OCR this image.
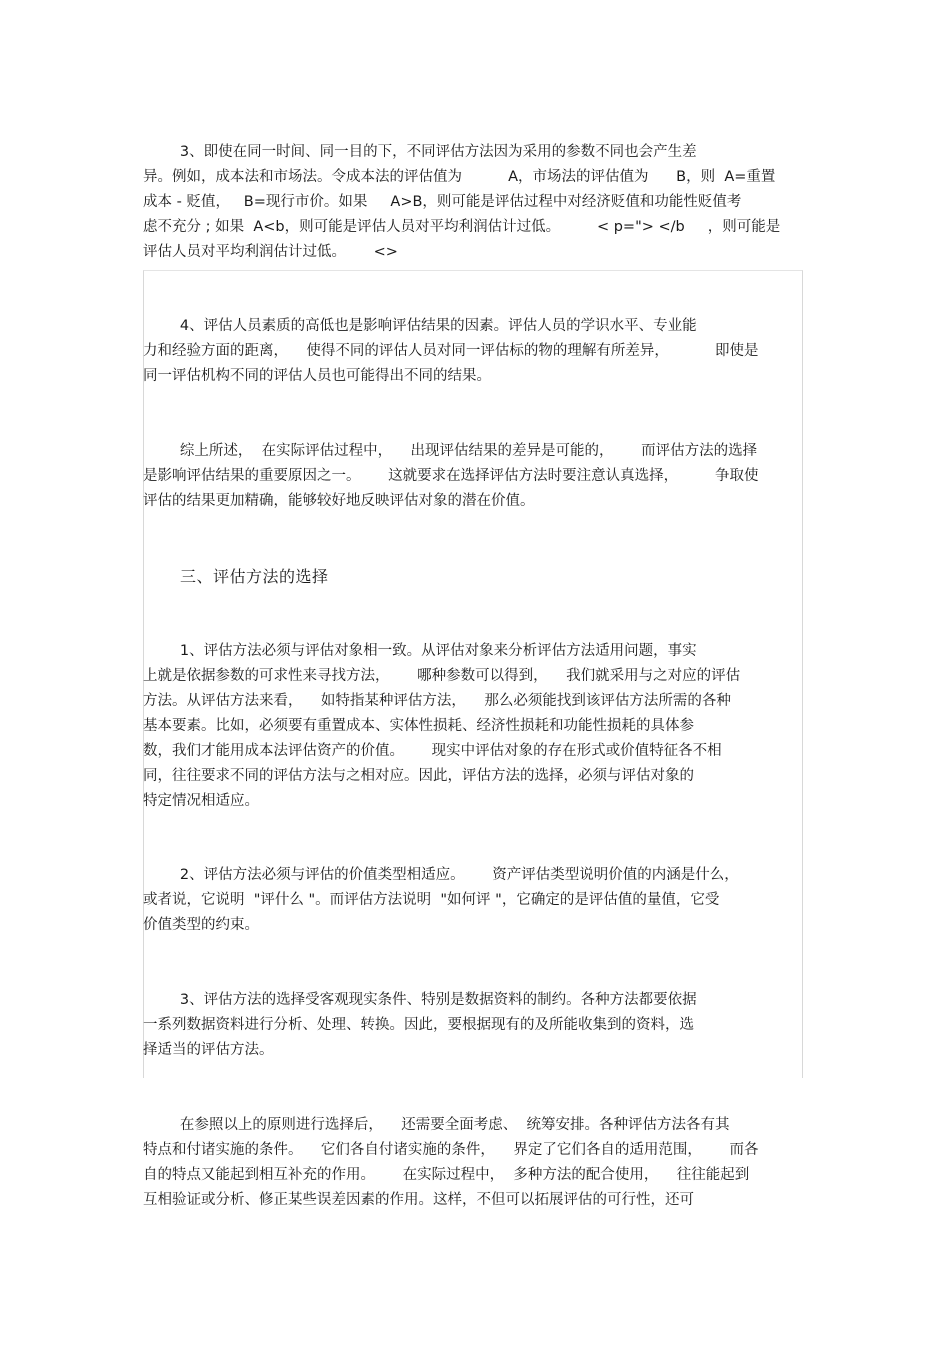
3、即使在同一时间、同一目的下，不同评估方法因为采用的参数不同也会产生差
异。例如，成本法和市场法。令成本法的评估值为          A，市场法的评估值为      B，则  A=重置
成本 - 贬值，   B=现行市价。如果     A>B，则可能是评估过程中对经济贬值和功能性贬值考
虑不充分 ; 如果  A<b，则可能是评估人员对平均利润估计过低。        < p="> </b     ，则可能是
评估人员对平均利润估计过低。      <>
4、评估人员素质的高低也是影响评估结果的因素。评估人员的学识水平、专业能
力和经验方面的距离，    使得不同的评估人员对同一评估标的物的理解有所差异，          即使是
同一评估机构不同的评估人员也可能得出不同的结果。
综上所述，  在实际评估过程中，    出现评估结果的差异是可能的，      而评估方法的选择
是影响评估结果的重要原因之一。      这就要求在选择评估方法时要注意认真选择，        争取使
评估的结果更加精确，能够较好地反映评估对象的潜在价值。
三、评估方法的选择
1、评估方法必须与评估对象相一致。从评估对象来分析评估方法适用问题，事实
上就是依据参数的可求性来寻找方法，      哪种参数可以得到，    我们就采用与之对应的评估
方法。从评估方法来看，    如特指某种评估方法，    那么必须能找到该评估方法所需的各种
基本要素。比如，必须要有重置成本、实体性损耗、经济性损耗和功能性损耗的具体参
数，我们才能用成本法评估资产的价值。      现实中评估对象的存在形式或价值特征各不相
同，往往要求不同的评估方法与之相对应。因此，评估方法的选择，必须与评估对象的
特定情况相适应。
2、评估方法必须与评估的价值类型相适应。      资产评估类型说明价值的内涵是什么，
或者说，它说明  "评什么 "。而评估方法说明  "如何评 "，它确定的是评估值的量值，它受
价值类型的约束。
3、评估方法的选择受客观现实条件、特别是数据资料的制约。各种方法都要依据
一系列数据资料进行分析、处理、转换。因此，要根据现有的及所能收集到的资料，选
择适当的评估方法。
在参照以上的原则进行选择后，    还需要全面考虑、  统筹安排。各种评估方法各有其
特点和付诸实施的条件。    它们各自付诸实施的条件，    界定了它们各自的适用范围，      而各
自的特点又能起到相互补充的作用。      在实际过程中，  多种方法的配合使用，    往往能起到
互相验证或分析、修正某些误差因素的作用。这样，不但可以拓展评估的可行性，还可
